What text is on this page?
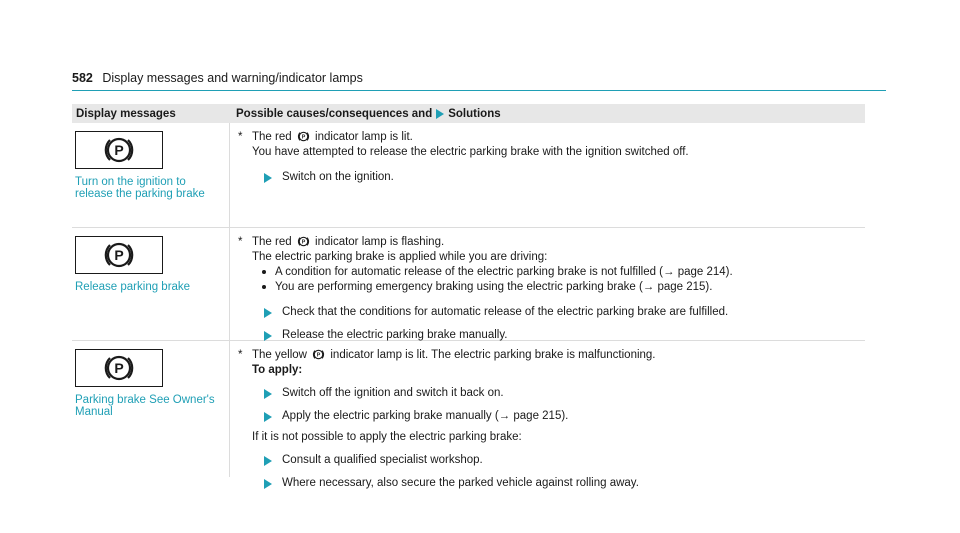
582 Display messages and warning/indicator lamps
Display messages	Possible causes/consequences and Solutions
P
Turn on the ignition to release the parking brake
* The red P indicator lamp is lit.
You have attempted to release the electric parking brake with the ignition switched off.
Switch on the ignition.
P
Release parking brake
* The red P indicator lamp is flashing.
The electric parking brake is applied while you are driving:
A condition for automatic release of the electric parking brake is not fulfilled (→ page 214).
You are performing emergency braking using the electric parking brake (→ page 215).
Check that the conditions for automatic release of the electric parking brake are fulfilled.
Release the electric parking brake manually.
P
Parking brake See Owner's Manual
* The yellow P indicator lamp is lit. The electric parking brake is malfunctioning.
To apply:
Switch off the ignition and switch it back on.
Apply the electric parking brake manually (→ page 215).
If it is not possible to apply the electric parking brake:
Consult a qualified specialist workshop.
Where necessary, also secure the parked vehicle against rolling away.
